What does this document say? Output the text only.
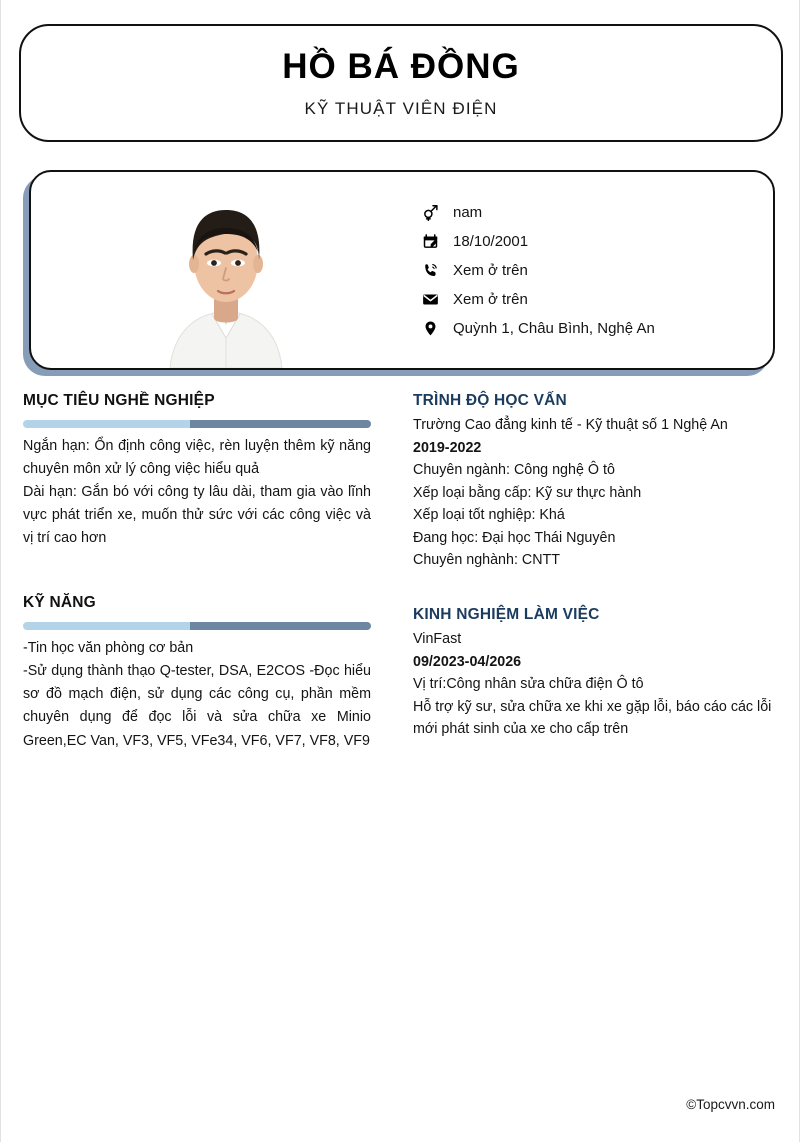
HỒ BÁ ĐỒNG
KỸ THUẬT VIÊN ĐIỆN
nam
18/10/2001
Xem ở trên
Xem ở trên
Quỳnh 1, Châu Bình, Nghệ An
MỤC TIÊU NGHỀ NGHIỆP
Ngắn hạn: Ổn định công việc, rèn luyện thêm kỹ năng chuyên môn xử lý công việc hiểu quả
Dài hạn: Gắn bó với công ty lâu dài, tham gia vào lĩnh vực phát triển xe, muốn thử sức với các công việc và vị trí cao hơn
KỸ NĂNG
-Tin học văn phòng cơ bản
-Sử dụng thành thạo Q-tester, DSA, E2COS -Đọc hiểu sơ đồ mạch điện, sử dụng các công cụ, phần mềm chuyên dụng để đọc lỗi và sửa chữa xe Minio Green,EC Van, VF3, VF5, VFe34, VF6, VF7, VF8, VF9
TRÌNH ĐỘ HỌC VẤN
Trường Cao đẳng kinh tế - Kỹ thuật số 1 Nghệ An
2019-2022
Chuyên ngành: Công nghệ Ô tô
Xếp loại bằng cấp: Kỹ sư thực hành
Xếp loại tốt nghiệp: Khá
Đang học: Đại học Thái Nguyên
Chuyên nghành: CNTT
KINH NGHIỆM LÀM VIỆC
VinFast
09/2023-04/2026
Vị trí:Công nhân sửa chữa điện Ô tô
Hỗ trợ kỹ sư, sửa chữa xe khi xe gặp lỗi, báo cáo các lỗi mới phát sinh của xe cho cấp trên
©Topcvvn.com
